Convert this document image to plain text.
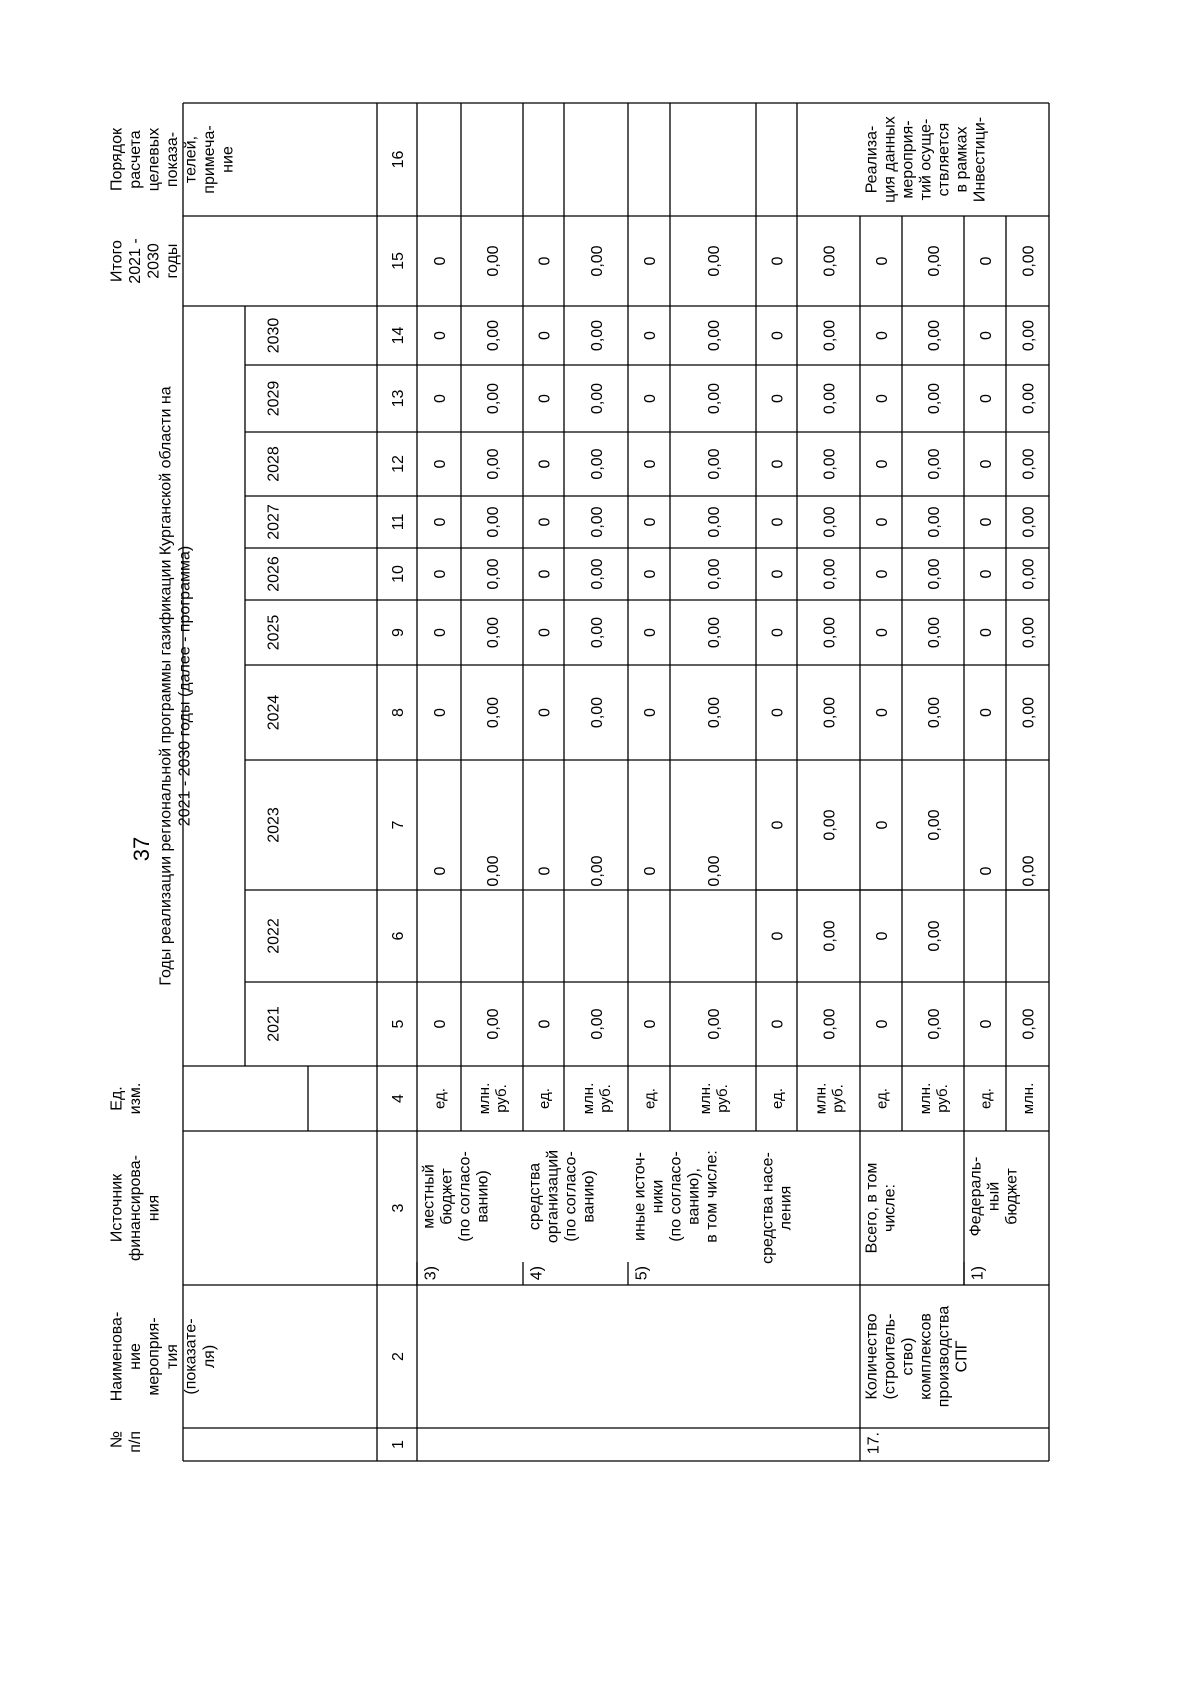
37
№п/п
Наименова-ниемероприя-тия(показате-ля)
Источникфинансирова-ния
Ед.изм.
Годы реализации региональной программы газификации Курганской области на 2021 - 2030 годы (далее - программа)
2021
2022
2023
2024
2025
2026
2027
2028
2029
2030
Итого2021 -2030годы
Порядокрасчетацелевыхпоказа-телей,примеча-ние
1
2
3
4
5
6
7
8
9
10
11
12
13
14
15
16
3)
местныйбюджет(по согласо-ванию)
ед.
0
0
0
0
0
0
0
0
0
0
млн.руб.
0,00
0,00
0,00
0,00
0,00
0,00
0,00
0,00
0,00
0,00
4)
средстваорганизаций(по согласо-ванию)
ед.
0
0
0
0
0
0
0
0
0
0
млн.руб.
0,00
0,00
0,00
0,00
0,00
0,00
0,00
0,00
0,00
0,00
5)
иные источ-ники(по согласо-ванию),в том числе:
ед.
0
0
0
0
0
0
0
0
0
0
млн.руб.
0,00
0,00
0,00
0,00
0,00
0,00
0,00
0,00
0,00
0,00
средства насе-ления
ед.
0
0
0
0
0
0
0
0
0
0
0
млн.руб.
0,00
0,00
0,00
0,00
0,00
0,00
0,00
0,00
0,00
0,00
0,00
Всего, в томчисле:
17.
Количество(строитель-ство)комплексовпроизводстваСПГ
Реализа-ция данныхмероприя-тий осуще-ствляетсяв рамкахИнвестици-
ед.
0
0
0
0
0
0
0
0
0
0
0
млн.руб.
0,00
0,00
0,00
0,00
0,00
0,00
0,00
0,00
0,00
0,00
0,00
1)
Федераль-ныйбюджет
ед.
0
0
0
0
0
0
0
0
0
0
млн.
0,00
0,00
0,00
0,00
0,00
0,00
0,00
0,00
0,00
0,00
